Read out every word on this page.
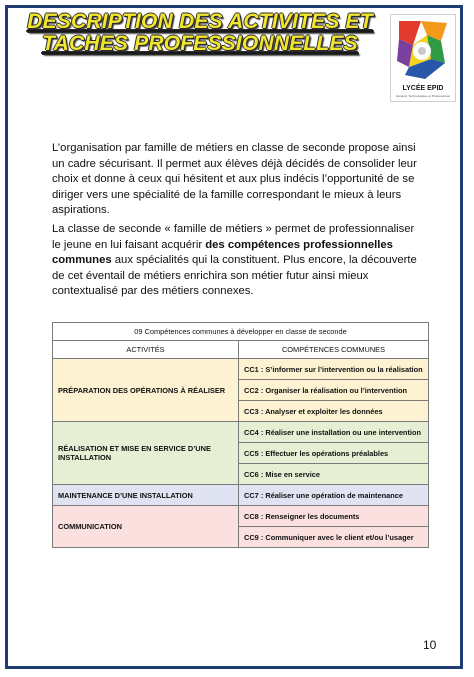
DESCRIPTION DES ACTIVITES ET
TACHES PROFESSIONNELLES
LYCÉE EPID
Général, Technologique et Professionnel

L’organisation par famille de métiers en classe de seconde propose ainsi un cadre sécurisant. Il permet aux élèves déjà décidés de consolider leur choix et donne à ceux qui hésitent et aux plus indécis l’opportunité de se diriger vers une spécialité de la famille correspondant le mieux à leurs aspirations.

La classe de seconde « famille de métiers » permet de professionnaliser le jeune en lui faisant acquérir des compétences professionnelles communes aux spécialités qui la constituent. Plus encore, la découverte de cet éventail de métiers enrichira son métier futur ainsi mieux contextualisé par des métiers connexes.

09 Compétences communes à développer en classe de seconde	
ACTIVITÉS	COMPÉTENCES COMMUNES
PRÉPARATION DES OPÉRATIONS À RÉALISER	CC1 : S’informer sur l’intervention ou la réalisation
	CC2 : Organiser la réalisation ou l’intervention
	CC3 : Analyser et exploiter les données
RÉALISATION ET MISE EN SERVICE D’UNE INSTALLATION	CC4 : Réaliser une installation ou une intervention
	CC5 : Effectuer les opérations préalables
	CC6 : Mise en service
MAINTENANCE D’UNE INSTALLATION	CC7 : Réaliser une opération de maintenance
COMMUNICATION	CC8 : Renseigner les documents
	CC9 : Communiquer avec le client et/ou l’usager
10
